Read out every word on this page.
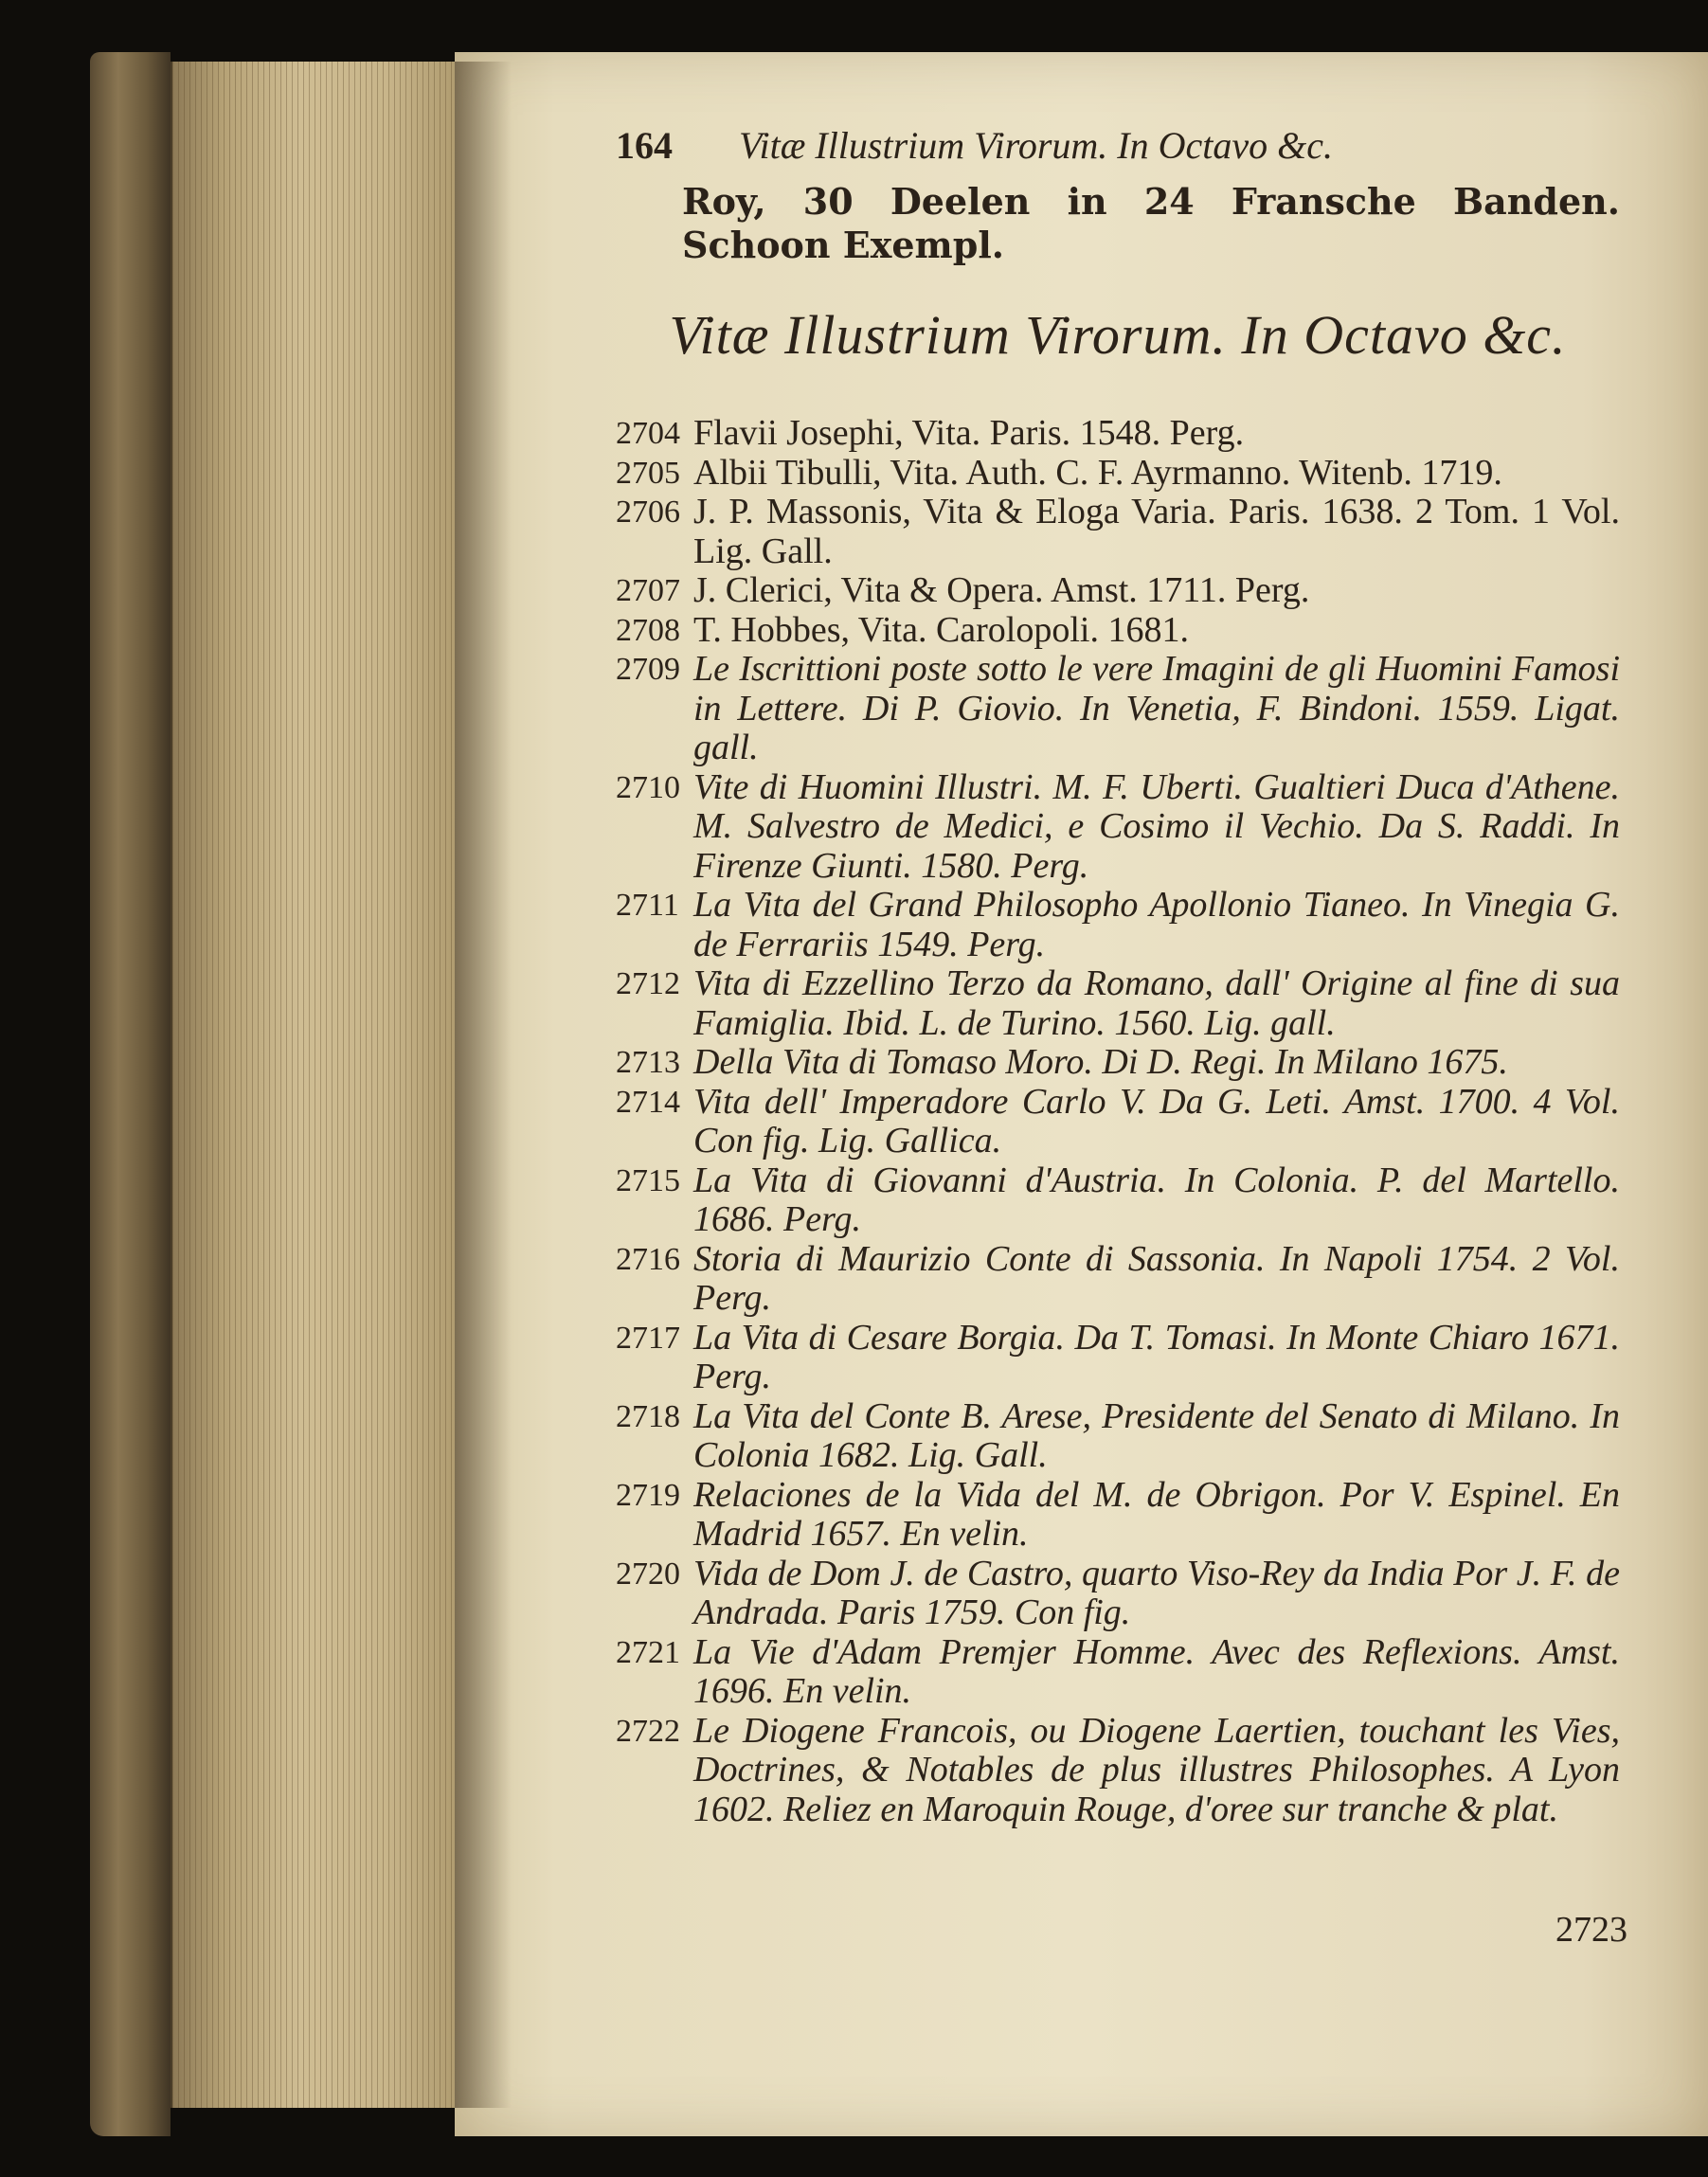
164	Vitæ Illustrium Virorum. In Octavo &c.
Roy, 30 Deelen in 24 Fransche Banden. Schoon Exempl.
Vitæ Illustrium Virorum. In Octavo &c.
2704 Flavii Josephi, Vita. Paris. 1548. Perg.
2705 Albii Tibulli, Vita. Auth. C. F. Ayrmanno. Witenb. 1719.
2706 J. P. Massonis, Vita & Eloga Varia. Paris. 1638. 2 Tom. 1 Vol. Lig. Gall.
2707 J. Clerici, Vita & Opera. Amst. 1711. Perg.
2708 T. Hobbes, Vita. Carolopoli. 1681.
2709 Le Iscrittioni poste sotto le vere Imagini de gli Huomini Famosi in Lettere. Di P. Giovio. In Venetia, F. Bindoni. 1559. Ligat. gall.
2710 Vite di Huomini Illustri. M. F. Uberti. Gualtieri Duca d'Athene. M. Salvestro de Medici, e Cosimo il Vechio. Da S. Raddi. In Firenze Giunti. 1580. Perg.
2711 La Vita del Grand Philosopho Apollonio Tianeo. In Vinegia G. de Ferrariis 1549. Perg.
2712 Vita di Ezzellino Terzo da Romano, dall' Origine al fine di sua Famiglia. Ibid. L. de Turino. 1560. Lig. gall.
2713 Della Vita di Tomaso Moro. Di D. Regi. In Milano 1675.
2714 Vita dell' Imperadore Carlo V. Da G. Leti. Amst. 1700. 4 Vol. Con fig. Lig. Gallica.
2715 La Vita di Giovanni d'Austria. In Colonia. P. del Martello. 1686. Perg.
2716 Storia di Maurizio Conte di Sassonia. In Napoli 1754. 2 Vol. Perg.
2717 La Vita di Cesare Borgia. Da T. Tomasi. In Monte Chiaro 1671. Perg.
2718 La Vita del Conte B. Arese, Presidente del Senato di Milano. In Colonia 1682. Lig. Gall.
2719 Relaciones de la Vida del M. de Obrigon. Por V. Espinel. En Madrid 1657. En velin.
2720 Vida de Dom J. de Castro, quarto Viso-Rey da India Por J. F. de Andrada. Paris 1759. Con fig.
2721 La Vie d'Adam Premjer Homme. Avec des Reflexions. Amst. 1696. En velin.
2722 Le Diogene Francois, ou Diogene Laertien, touchant les Vies, Doctrines, & Notables de plus illustres Philosophes. A Lyon 1602. Reliez en Maroquin Rouge, d'oree sur tranche & plat.
2723
